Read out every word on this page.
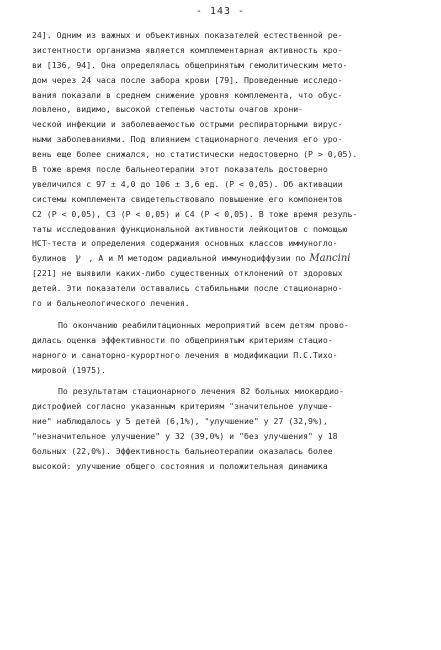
- 143 -
24]. Одним из важных и объективных показателей естественной ре-
зистентности организма является комплементарная активность кро-
ви [136, 94]. Она определялась общепринятым гемолитическим мето-
дом через 24 часа после забора крови [79]. Проведенные исследо-
вания показали в среднем снижение уровня комплемента, что обус-
ловлено, видимо, высокой степенью частоты очагов хрони-
ческой инфекции и заболеваемостью острыми респираторными вирус-
ными заболеваниями. Под влиянием стационарного лечения его уро-
вень еще более снижался, но статистически недостоверно (P > 0,05).
В тоже время после бальнеотерапии этот показатель достоверно
увеличился с 97 ± 4,0 до 106 ± 3,6 ед. (P < 0,05). Об активации
системы комплемента свидетельствовало повышение его компонентов
С2 (P < 0,05), С3 (P < 0,05) и С4 (P < 0,05). В тоже время резуль-
таты исследования функциональной активности лейкоцитов с помощью
НСТ-теста и определения содержания основных классов иммуноглo-
булинов γ , А и М методом радиальной иммунодиффузии по Mancini
[221] не выявили каких-либо существенных отклонений от здоровых
детей. Эти показатели оставались стабильными после стационарно-
го и бальнеологического лечения.
По окончанию реабилитационных мероприятий всем детям прово-
дилась оценка эффективности по общепринятым критериям стацио-
нарного и санаторно-курортного лечения в модификации П.С.Тихо-
мировой (1975).
По результатам стационарного лечения 82 больных миокардио-
дистрофией согласно указанным критериям "значительное улучше-
ние" наблюдалось у 5 детей (6,1%), "улучшение" у 27 (32,9%),
"незначительное улучшение" у 32 (39,0%) и "без улучшения" у 18
больных (22,0%). Эффективность бальнеотерапии оказалась более
высокой: улучшение общего состояния и положительная динамика
